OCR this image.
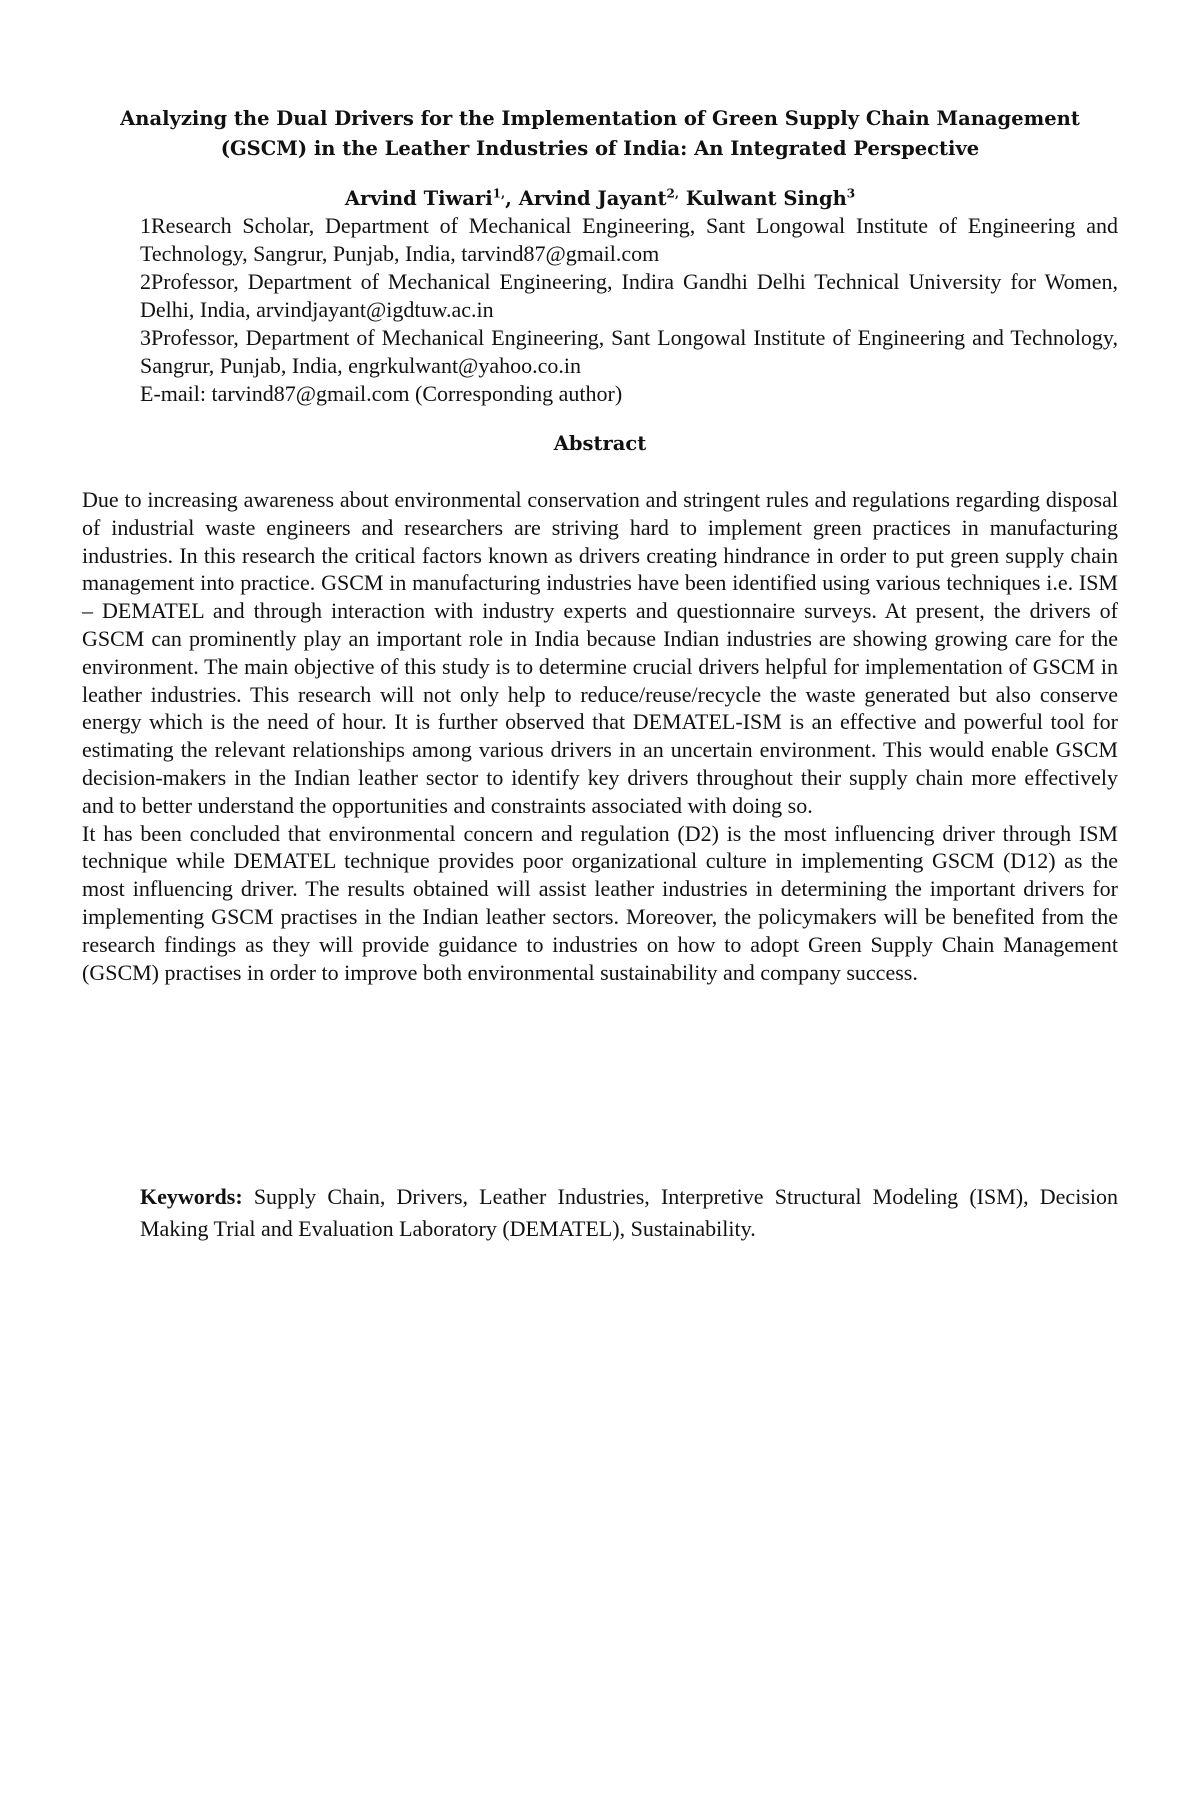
Analyzing the Dual Drivers for the Implementation of Green Supply Chain Management (GSCM) in the Leather Industries of India: An Integrated Perspective
Arvind Tiwari$^{1,}$, Arvind Jayant$^{2,}$ Kulwant Singh$^3$

1Research Scholar, Department of Mechanical Engineering, Sant Longowal Institute of Engineering and Technology, Sangrur, Punjab, India, tarvind87@gmail.com

2Professor, Department of Mechanical Engineering, Indira Gandhi Delhi Technical University for Women, Delhi, India, arvindjayant@igdtuw.ac.in

3Professor, Department of Mechanical Engineering, Sant Longowal Institute of Engineering and Technology, Sangrur, Punjab, India, engrkulwant@yahoo.co.in

E-mail: tarvind87@gmail.com (Corresponding author)

Abstract

Due to increasing awareness about environmental conservation and stringent rules and regulations regarding disposal of industrial waste engineers and researchers are striving hard to implement green practices in manufacturing industries. In this research the critical factors known as drivers creating hindrance in order to put green supply chain management into practice. GSCM in manufacturing industries have been identified using various techniques i.e. ISM – DEMATEL and through interaction with industry experts and questionnaire surveys. At present, the drivers of GSCM can prominently play an important role in India because Indian industries are showing growing care for the environment. The main objective of this study is to determine crucial drivers helpful for implementation of GSCM in leather industries. This research will not only help to reduce/reuse/recycle the waste generated but also conserve energy which is the need of hour. It is further observed that DEMATEL-ISM is an effective and powerful tool for estimating the relevant relationships among various drivers in an uncertain environment. This would enable GSCM decision-makers in the Indian leather sector to identify key drivers throughout their supply chain more effectively and to better understand the opportunities and constraints associated with doing so.

It has been concluded that environmental concern and regulation (D2) is the most influencing driver through ISM technique while DEMATEL technique provides poor organizational culture in implementing GSCM (D12) as the most influencing driver. The results obtained will assist leather industries in determining the important drivers for implementing GSCM practises in the Indian leather sectors. Moreover, the policymakers will be benefited from the research findings as they will provide guidance to industries on how to adopt Green Supply Chain Management (GSCM) practises in order to improve both environmental sustainability and company success.

Keywords: Supply Chain, Drivers, Leather Industries, Interpretive Structural Modeling (ISM), Decision Making Trial and Evaluation Laboratory (DEMATEL), Sustainability.
